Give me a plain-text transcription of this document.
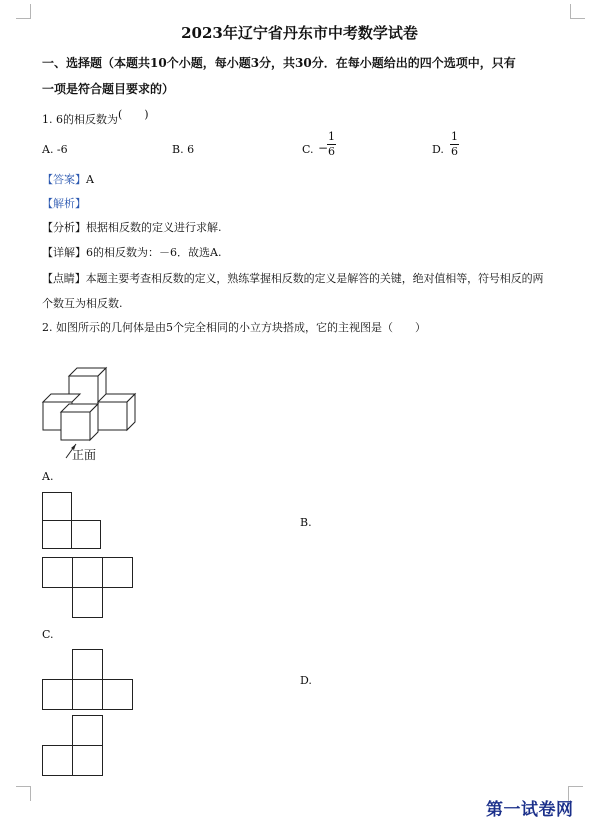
2023年辽宁省丹东市中考数学试卷
一、选择题（本题共10个小题，每小题3分，共30分．在每小题给出的四个选项中，只有
一项是符合题目要求的）
1. 6的相反数为(　　)
A. -6	B. 6	C. −
$\frac{1}{6}$	D. $\frac{1}{6}$
【答案】A
【解析】
【分析】根据相反数的定义进行求解.
【详解】6的相反数为：－6．故选A.
【点睛】本题主要考查相反数的定义，熟练掌握相反数的定义是解答的关键，绝对值相等，符号相反的两
个数互为相反数.
2. 如图所示的几何体是由5个完全相同的小立方块搭成，它的主视图是（　　）
正面
A.
B.
C.
D.
第一试卷网
